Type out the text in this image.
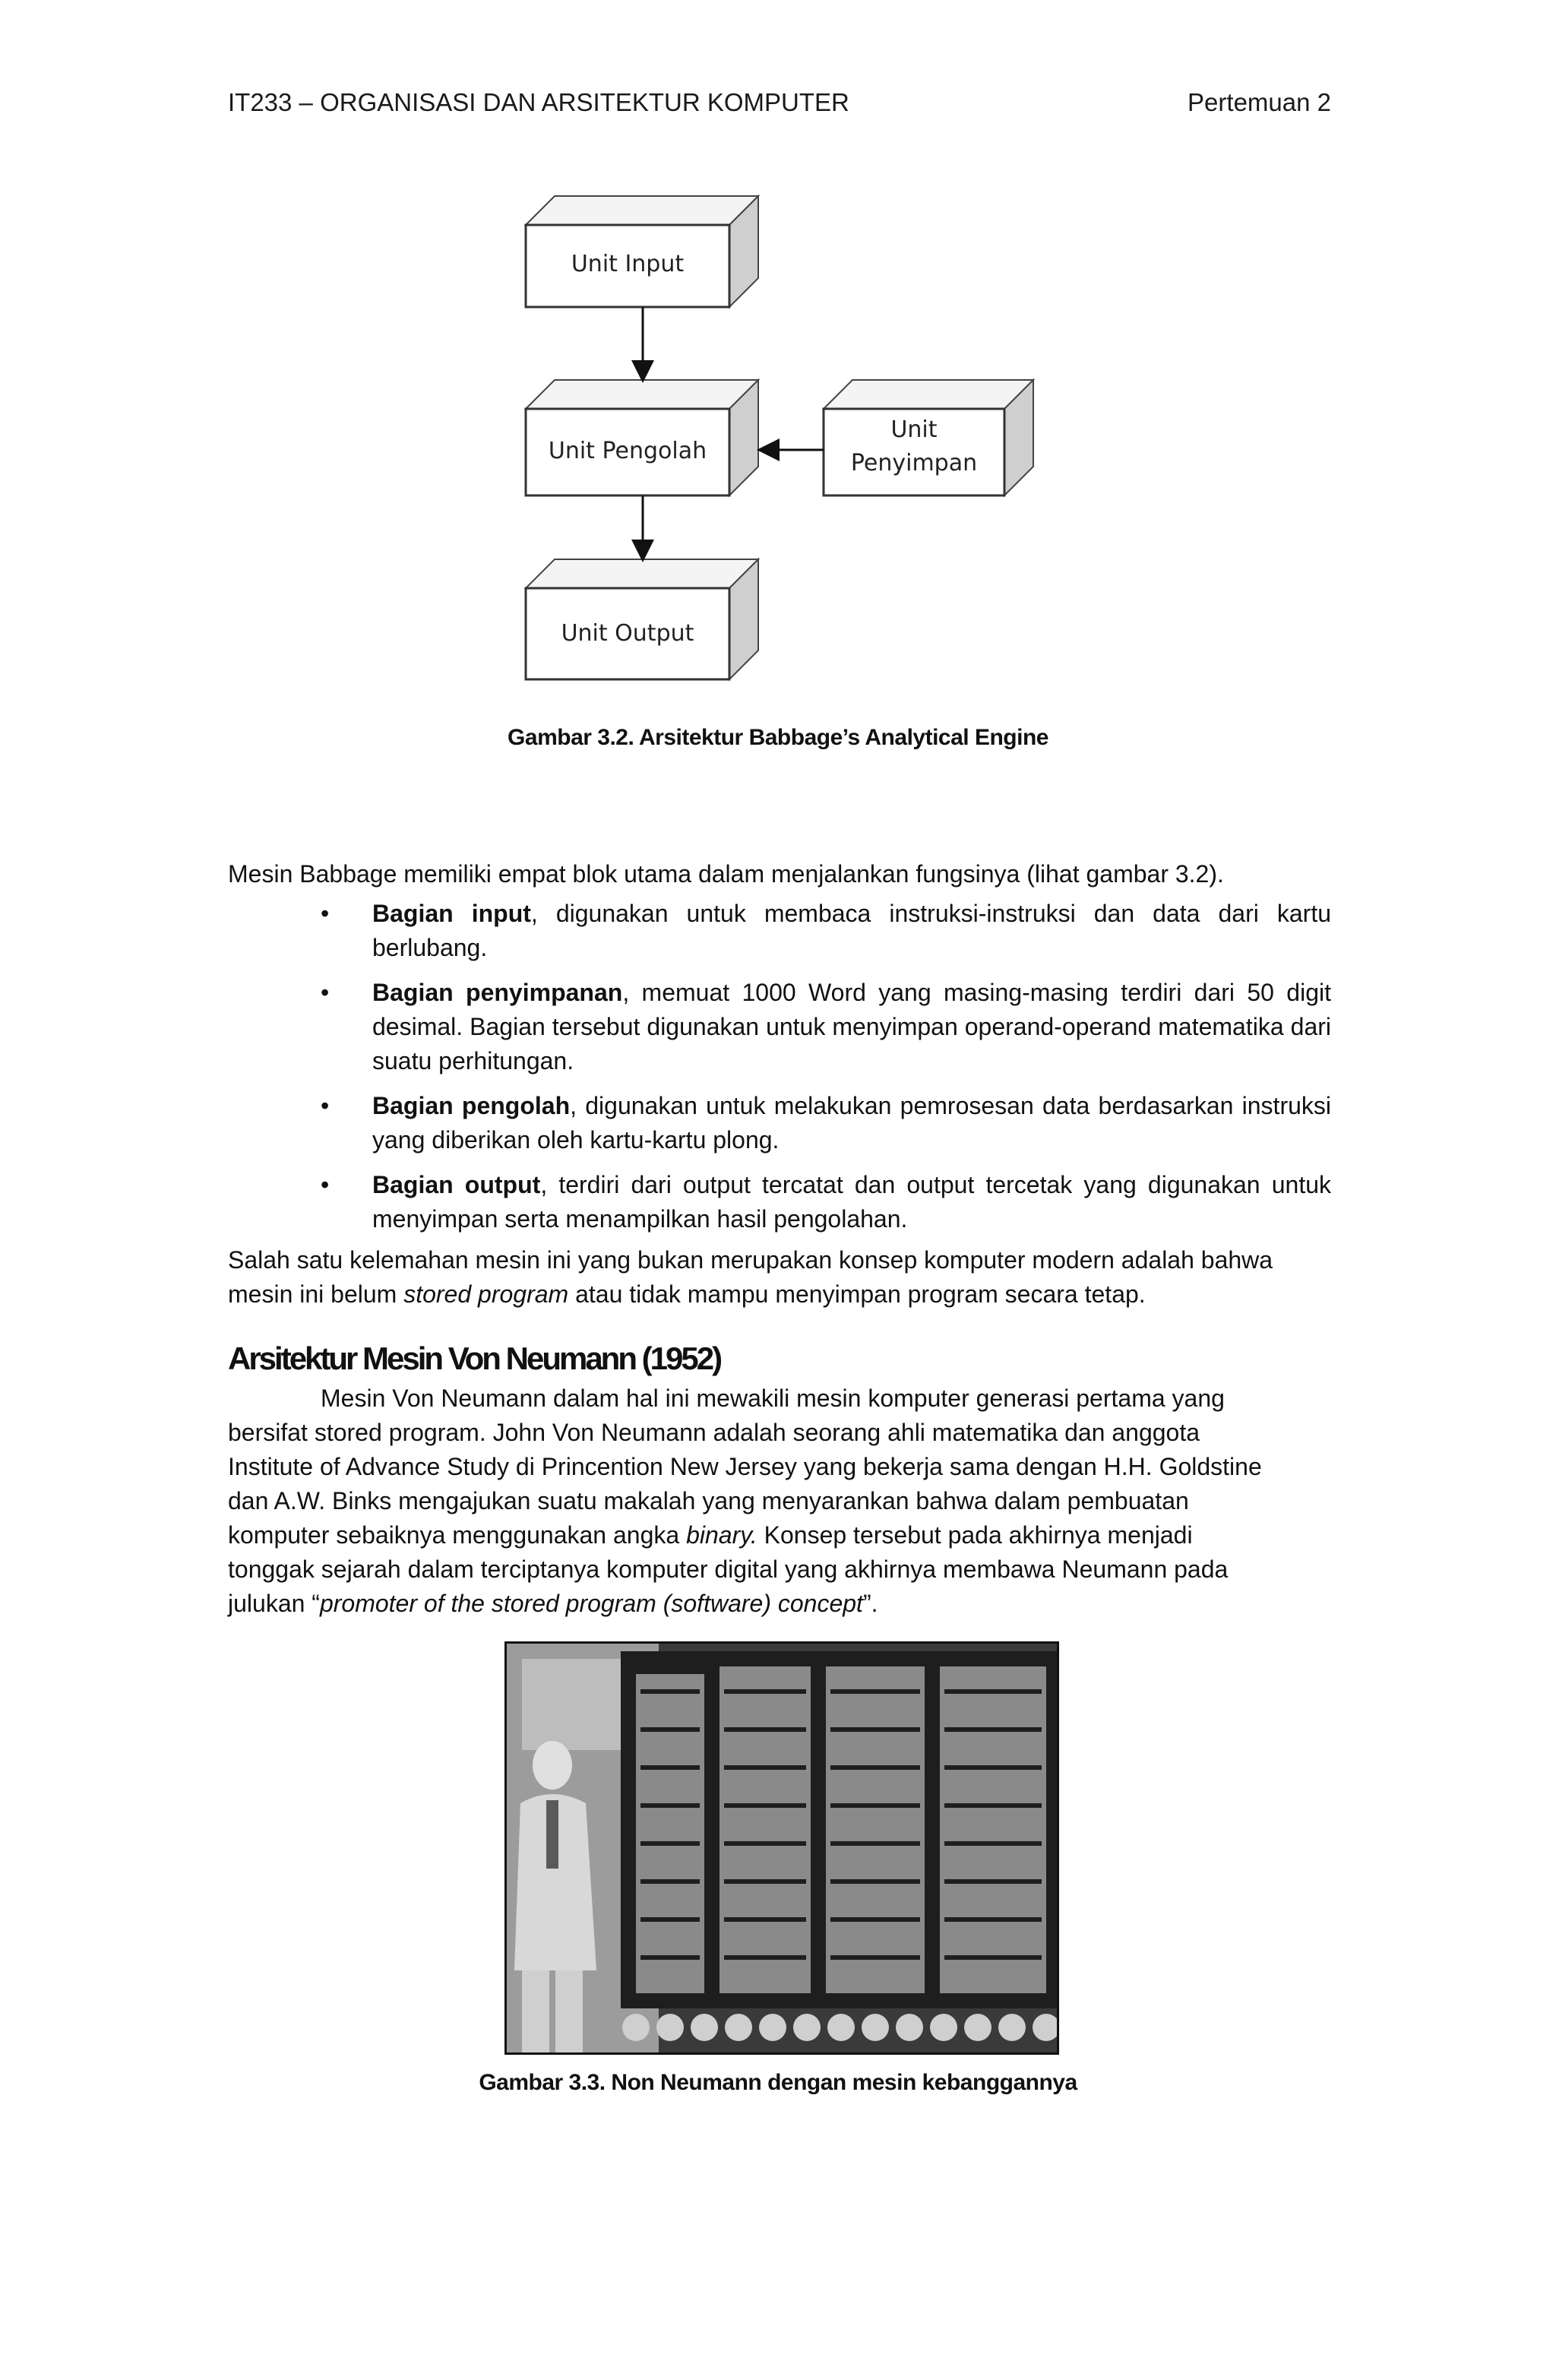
IT233 – ORGANISASI DAN ARSITEKTUR KOMPUTER	Pertemuan 2
Unit Input
Unit Pengolah
Unit
Penyimpan
Unit Output
Gambar 3.2. Arsitektur Babbage’s Analytical Engine
Mesin Babbage memiliki empat blok utama dalam menjalankan fungsinya (lihat gambar 3.2).
• Bagian input, digunakan untuk membaca instruksi-instruksi dan data dari kartu berlubang.
• Bagian penyimpanan, memuat 1000 Word yang masing-masing terdiri dari 50 digit desimal. Bagian tersebut digunakan untuk menyimpan operand-operand matematika dari suatu perhitungan.
• Bagian pengolah, digunakan untuk melakukan pemrosesan data berdasarkan instruksi yang diberikan oleh kartu-kartu plong.
• Bagian output, terdiri dari output tercatat dan output tercetak yang digunakan untuk menyimpan serta menampilkan hasil pengolahan.
Salah satu kelemahan mesin ini yang bukan merupakan konsep komputer modern adalah bahwa mesin ini belum stored program atau tidak mampu menyimpan program secara tetap.
Arsitektur Mesin Von Neumann (1952)
Mesin Von Neumann dalam hal ini mewakili mesin komputer generasi pertama yang
bersifat stored program. John Von Neumann adalah seorang ahli matematika dan anggota
Institute of Advance Study di Princention New Jersey yang bekerja sama dengan H.H. Goldstine
dan A.W. Binks mengajukan suatu makalah yang menyarankan bahwa dalam pembuatan
komputer sebaiknya menggunakan angka binary. Konsep tersebut pada akhirnya menjadi
tonggak sejarah dalam terciptanya komputer digital yang akhirnya membawa Neumann pada
julukan “promoter of the stored program (software) concept”.
Gambar 3.3. Non Neumann dengan mesin kebanggannya
